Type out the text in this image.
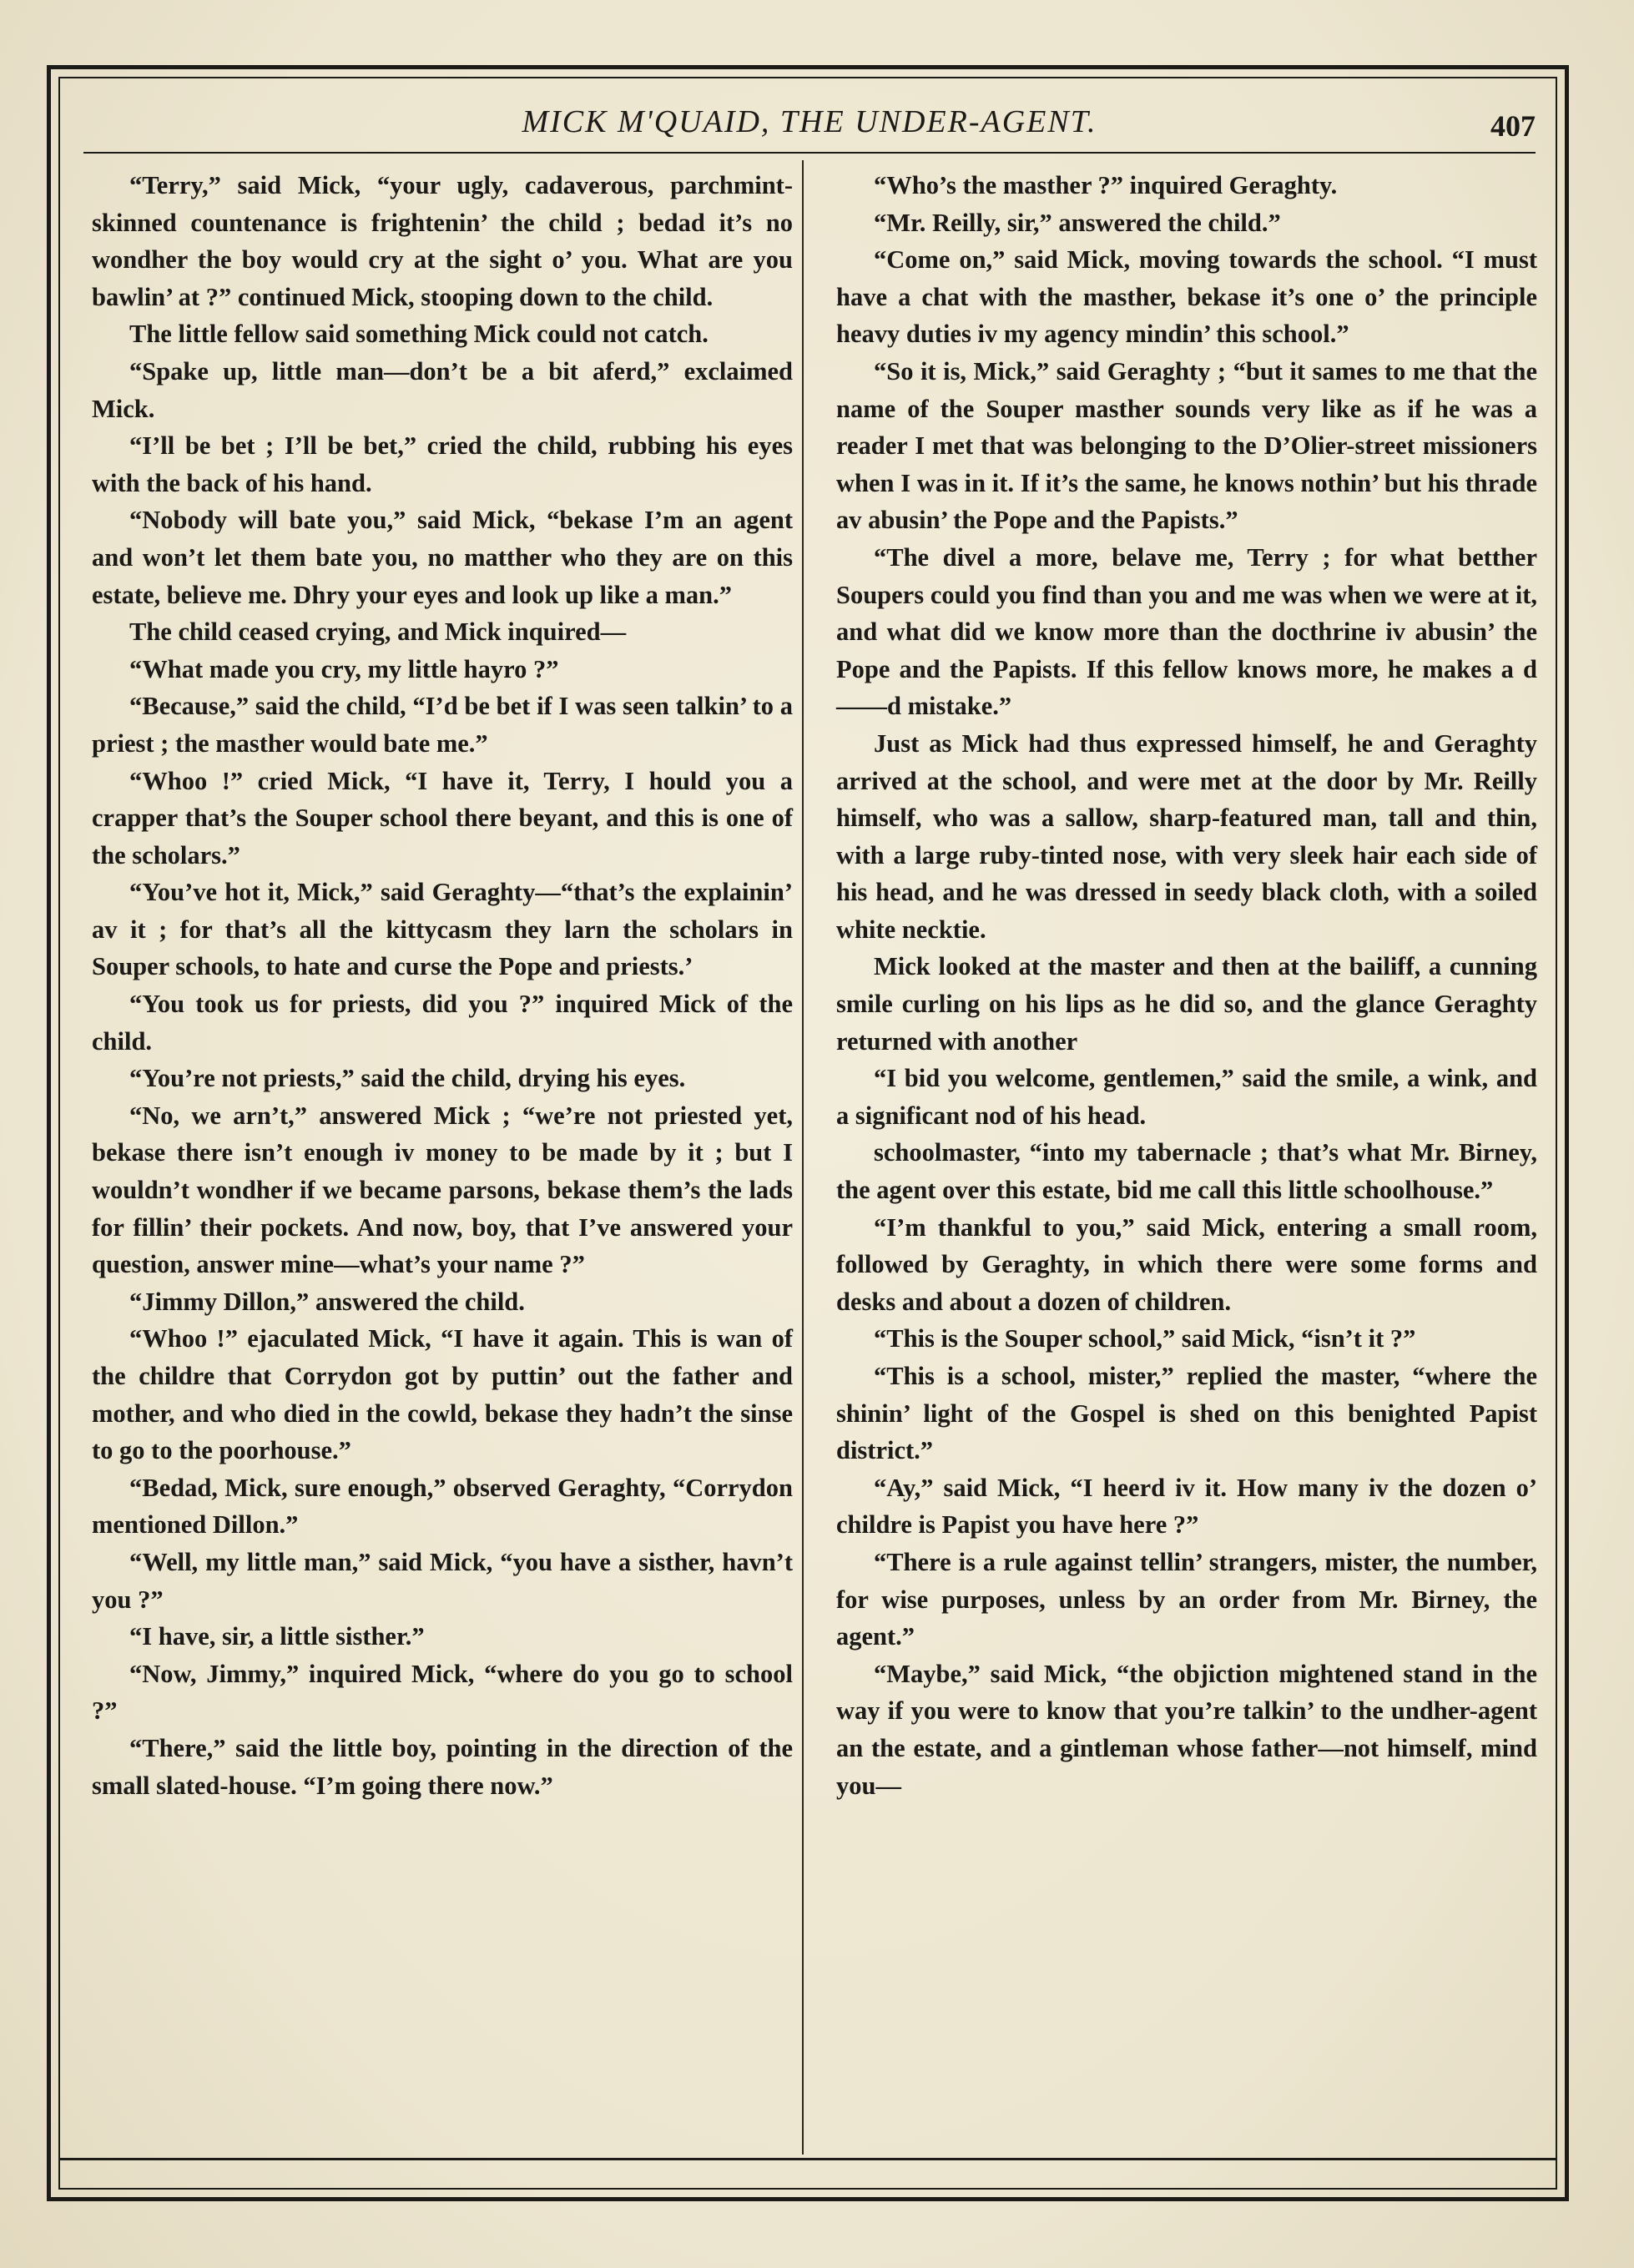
MICK M'QUAID, THE UNDER-AGENT.	407

“Terry,” said Mick, “your ugly, cadaverous, parchmint-skinned countenance is frightenin’ the child ; bedad it’s no wondher the boy would cry at the sight o’ you. What are you bawlin’ at ?” continued Mick, stooping down to the child.

The little fellow said something Mick could not catch.

“Spake up, little man—don’t be a bit aferd,” exclaimed Mick.

“I’ll be bet ; I’ll be bet,” cried the child, rubbing his eyes with the back of his hand.

“Nobody will bate you,” said Mick, “bekase I’m an agent and won’t let them bate you, no matther who they are on this estate, believe me. Dhry your eyes and look up like a man.”

The child ceased crying, and Mick inquired—

“What made you cry, my little hayro ?”

“Because,” said the child, “I’d be bet if I was seen talkin’ to a priest ; the masther would bate me.”

“Whoo !” cried Mick, “I have it, Terry, I hould you a crapper that’s the Souper school there beyant, and this is one of the scholars.”

“You’ve hot it, Mick,” said Geraghty—“that’s the explainin’ av it ; for that’s all the kittycasm they larn the scholars in Souper schools, to hate and curse the Pope and priests.’

“You took us for priests, did you ?” inquired Mick of the child.

“You’re not priests,” said the child, drying his eyes.

“No, we arn’t,” answered Mick ; “we’re not priested yet, bekase there isn’t enough iv money to be made by it ; but I wouldn’t wondher if we became parsons, bekase them’s the lads for fillin’ their pockets. And now, boy, that I’ve answered your question, answer mine—what’s your name ?”

“Jimmy Dillon,” answered the child.

“Whoo !” ejaculated Mick, “I have it again. This is wan of the childre that Corrydon got by puttin’ out the father and mother, and who died in the cowld, bekase they hadn’t the sinse to go to the poorhouse.”

“Bedad, Mick, sure enough,” observed Geraghty, “Corrydon mentioned Dillon.”

“Well, my little man,” said Mick, “you have a sisther, havn’t you ?”

“I have, sir, a little sisther.”

“Now, Jimmy,” inquired Mick, “where do you go to school ?”

“There,” said the little boy, pointing in the direction of the small slated-house. “I’m going there now.”

“Who’s the masther ?” inquired Geraghty.

“Mr. Reilly, sir,” answered the child.”

“Come on,” said Mick, moving towards the school. “I must have a chat with the masther, bekase it’s one o’ the principle heavy duties iv my agency mindin’ this school.”

“So it is, Mick,” said Geraghty ; “but it sames to me that the name of the Souper masther sounds very like as if he was a reader I met that was belonging to the D’Olier-street missioners when I was in it. If it’s the same, he knows nothin’ but his thrade av abusin’ the Pope and the Papists.”

“The divel a more, belave me, Terry ; for what betther Soupers could you find than you and me was when we were at it, and what did we know more than the docthrine iv abusin’ the Pope and the Papists. If this fellow knows more, he makes a d——d mistake.”

Just as Mick had thus expressed himself, he and Geraghty arrived at the school, and were met at the door by Mr. Reilly himself, who was a sallow, sharp-featured man, tall and thin, with a large ruby-tinted nose, with very sleek hair each side of his head, and he was dressed in seedy black cloth, with a soiled white necktie.

Mick looked at the master and then at the bailiff, a cunning smile curling on his lips as he did so, and the glance Geraghty returned with another

“I bid you welcome, gentlemen,” said the smile, a wink, and a significant nod of his head.

schoolmaster, “into my tabernacle ; that’s what Mr. Birney, the agent over this estate, bid me call this little schoolhouse.”

“I’m thankful to you,” said Mick, entering a small room, followed by Geraghty, in which there were some forms and desks and about a dozen of children.

“This is the Souper school,” said Mick, “isn’t it ?”

“This is a school, mister,” replied the master, “where the shinin’ light of the Gospel is shed on this benighted Papist district.”

“Ay,” said Mick, “I heerd iv it. How many iv the dozen o’ childre is Papist you have here ?”

“There is a rule against tellin’ strangers, mister, the number, for wise purposes, unless by an order from Mr. Birney, the agent.”

“Maybe,” said Mick, “the objiction mightened stand in the way if you were to know that you’re talkin’ to the undher-agent an the estate, and a gintleman whose father—not himself, mind you—
